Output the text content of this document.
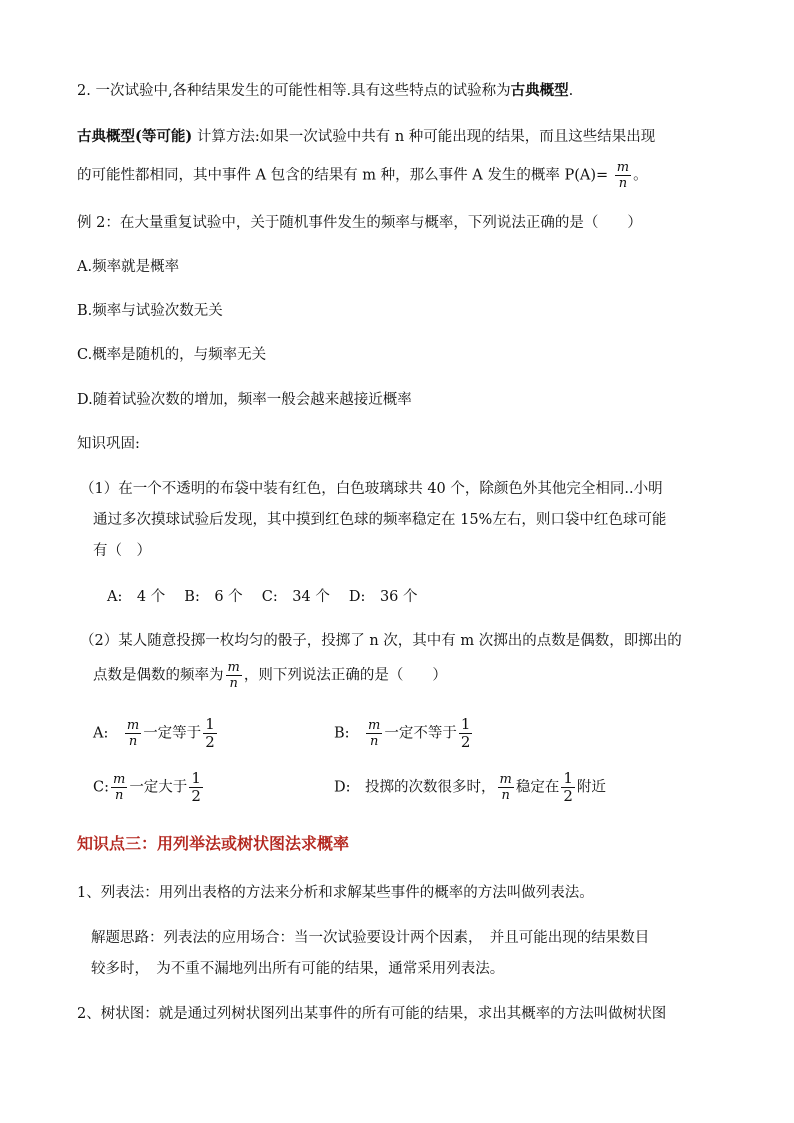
2. 一次试验中,各种结果发生的可能性相等.具有这些特点的试验称为古典概型.
古典概型(等可能) 计算方法:如果一次试验中共有 n 种可能出现的结果，而且这些结果出现
的可能性都相同，其中事件 A 包含的结果有 m 种，那么事件 A 发生的概率 $P(A)= \frac{m}{n}$ 。
例 2：在大量重复试验中，关于随机事件发生的频率与概率，下列说法正确的是（　　）
A.频率就是概率
B.频率与试验次数无关
C.概率是随机的，与频率无关
D.随着试验次数的增加，频率一般会越来越接近概率
知识巩固:
（1）在一个不透明的布袋中装有红色，白色玻璃球共 40 个，除颜色外其他完全相同..小明
通过多次摸球试验后发现，其中摸到红色球的频率稳定在 15%左右，则口袋中红色球可能
有（　）
A:　4 个　 B:　6 个　 C:　34 个　 D:　36 个
（2）某人随意投掷一枚均匀的骰子，投掷了 n 次，其中有 m 次掷出的点数是偶数，即掷出的
点数是偶数的频率为 $\frac{m}{n}$ ，则下列说法正确的是（　　）
A:　 $\frac{m}{n}$ 一定等于 $\frac{1}{2}$	B:　 $\frac{m}{n}$ 一定不等于 $\frac{1}{2}$
C: $\frac{m}{n}$ 一定大于 $\frac{1}{2}$	D:　投掷的次数很多时， $\frac{m}{n}$ 稳定在 $\frac{1}{2}$ 附近
知识点三：用列举法或树状图法求概率
1、列表法：用列出表格的方法来分析和求解某些事件的概率的方法叫做列表法。
解题思路：列表法的应用场合：当一次试验要设计两个因素，　并且可能出现的结果数目
较多时，　为不重不漏地列出所有可能的结果，通常采用列表法。
2、树状图：就是通过列树状图列出某事件的所有可能的结果，求出其概率的方法叫做树状图
